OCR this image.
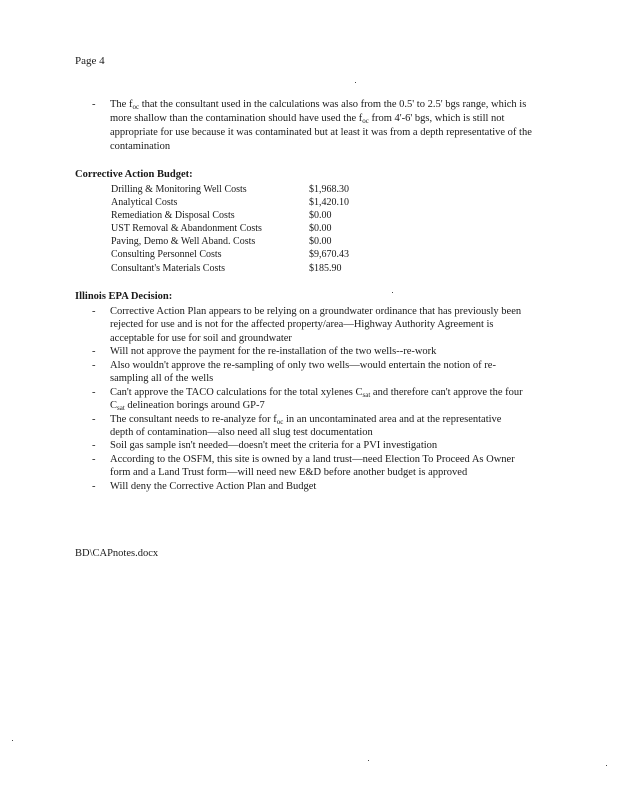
Page 4
- The $f_{oc}$ that the consultant used in the calculations was also from the 0.5' to 2.5' bgs range, which is more shallow than the contamination should have used the $f_{oc}$ from 4'-6' bgs, which is still not appropriate for use because it was contaminated but at least it was from a depth representative of the contamination
Corrective Action Budget:
Drilling & Monitoring Well Costs	$1,968.30
Analytical Costs	$1,420.10
Remediation & Disposal Costs	$0.00
UST Removal & Abandonment Costs	$0.00
Paving, Demo & Well Aband. Costs	$0.00
Consulting Personnel Costs	$9,670.43
Consultant's Materials Costs	$185.90
Illinois EPA Decision:
- Corrective Action Plan appears to be relying on a groundwater ordinance that has previously been rejected for use and is not for the affected property/area—Highway Authority Agreement is acceptable for use for soil and groundwater
- Will not approve the payment for the re-installation of the two wells--re-work
- Also wouldn't approve the re-sampling of only two wells—would entertain the notion of re-sampling all of the wells
- Can't approve the TACO calculations for the total xylenes $C_{sat}$ and therefore can't approve the four $C_{sat}$ delineation borings around GP-7
- The consultant needs to re-analyze for $f_{oc}$ in an uncontaminated area and at the representative depth of contamination—also need all slug test documentation
- Soil gas sample isn't needed—doesn't meet the criteria for a PVI investigation
- According to the OSFM, this site is owned by a land trust—need Election To Proceed As Owner form and a Land Trust form—will need new E&D before another budget is approved
- Will deny the Corrective Action Plan and Budget
BD\CAPnotes.docx
